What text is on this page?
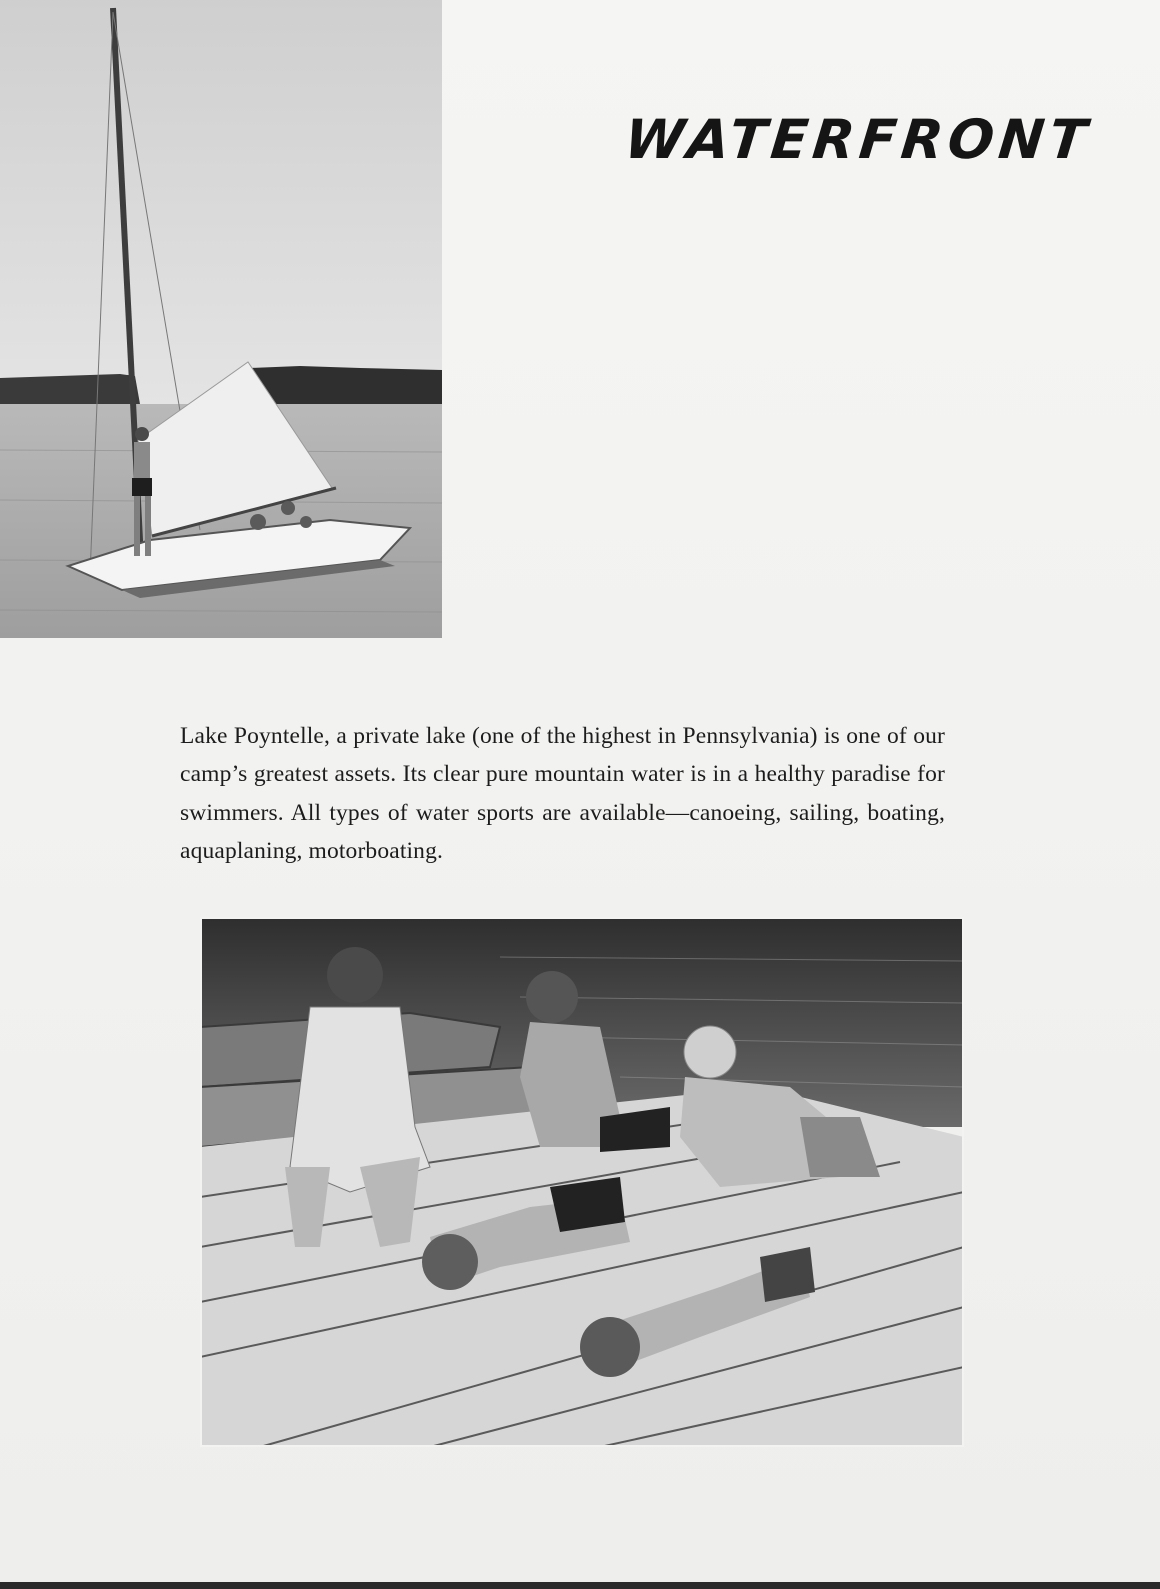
WATERFRONT

Lake Poyntelle, a private lake (one of the highest in Pennsylvania) is one of our camp’s greatest assets. Its clear pure mountain water is in a healthy paradise for swimmers. All types of water sports are available—canoeing, sailing, boating, aquaplaning, motorboating.
